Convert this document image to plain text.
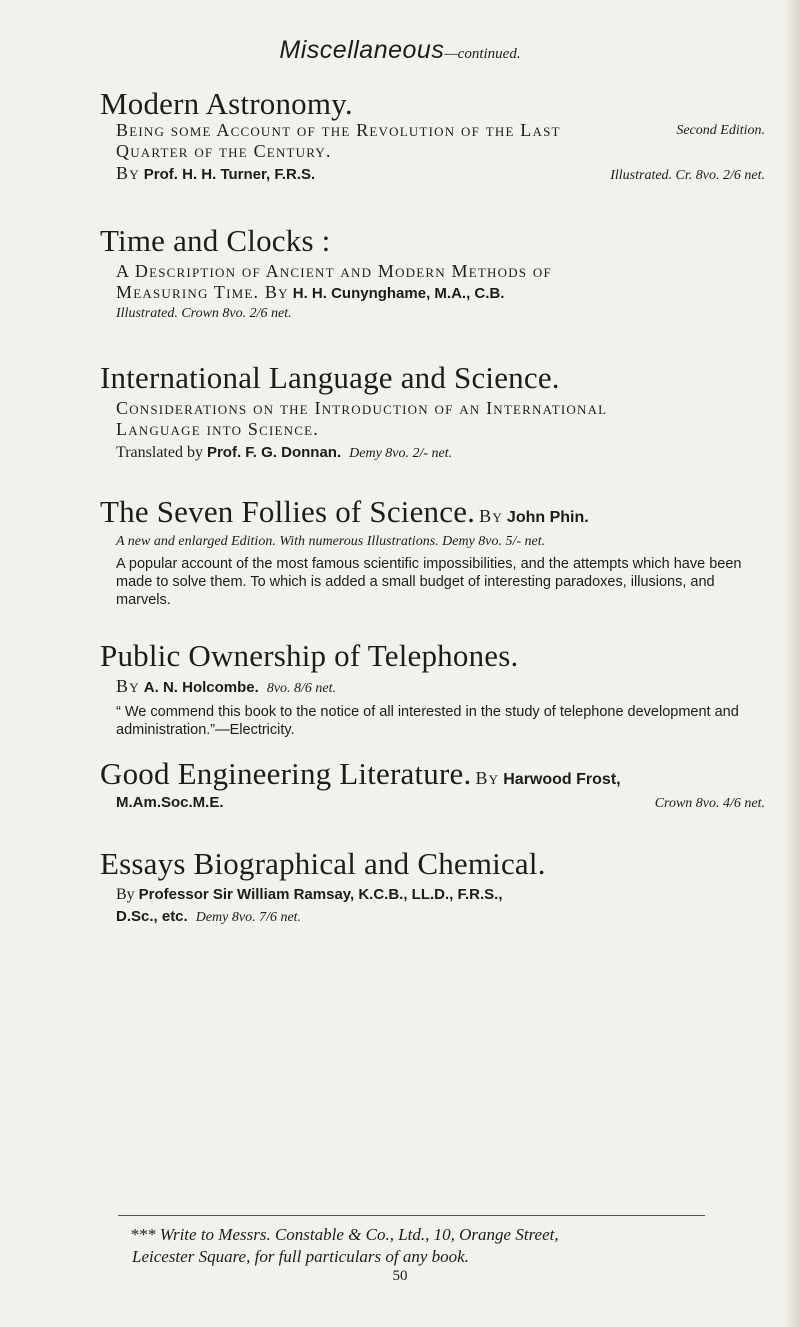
Miscellaneous—continued.
Modern Astronomy.
Second Edition.
Being some Account of the Revolution of the Last
Quarter of the Century.
By Prof. H. H. Turner, F.R.S.	Illustrated. Cr. 8vo. 2/6 net.
Time and Clocks :
A Description of Ancient and Modern Methods of
Measuring Time. By H. H. Cunynghame, M.A., C.B.
Illustrated. Crown 8vo. 2/6 net.
International Language and Science.
Considerations on the Introduction of an International
Language into Science.
Translated by Prof. F. G. Donnan. Demy 8vo. 2/- net.
The Seven Follies of Science. By John Phin.
A new and enlarged Edition. With numerous Illustrations. Demy 8vo. 5/- net.
A popular account of the most famous scientific impossibilities, and the attempts which have been made to solve them. To which is added a small budget of interesting paradoxes, illusions, and marvels.
Public Ownership of Telephones.
By A. N. Holcombe. 8vo. 8/6 net.
“ We commend this book to the notice of all interested in the study of telephone development and administration.”—Electricity.
Good Engineering Literature. By Harwood Frost,
M.Am.Soc.M.E.	Crown 8vo. 4/6 net.
Essays Biographical and Chemical.
By Professor Sir William Ramsay, K.C.B., LL.D., F.R.S.,
D.Sc., etc. Demy 8vo. 7/6 net.
*** Write to Messrs. Constable & Co., Ltd., 10, Orange Street,
Leicester Square, for full particulars of any book.
50
